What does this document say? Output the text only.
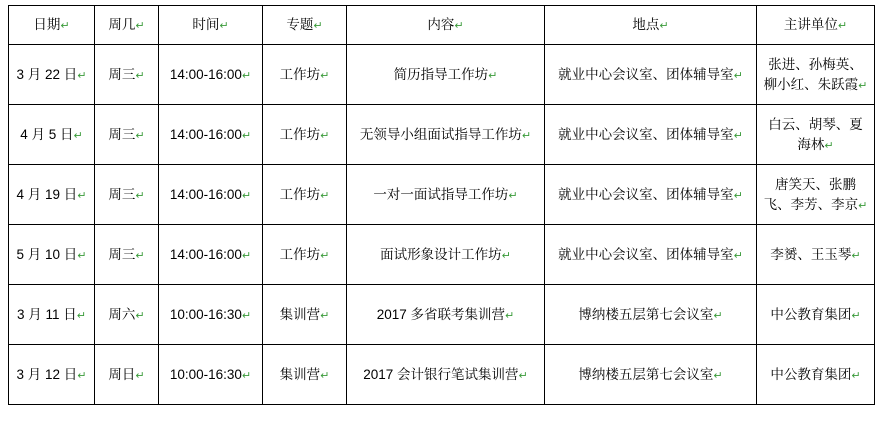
日期↵	周几↵	时间↵	专题↵	内容↵	地点↵	主讲单位↵
3 月 22 日↵	周三↵	14:00-16:00↵	工作坊↵	简历指导工作坊↵	就业中心会议室、团体辅导室↵	张进、孙梅英、柳小红、朱跃霞↵
4 月 5 日↵	周三↵	14:00-16:00↵	工作坊↵	无领导小组面试指导工作坊↵	就业中心会议室、团体辅导室↵	白云、胡琴、夏海林↵
4 月 19 日↵	周三↵	14:00-16:00↵	工作坊↵	一对一面试指导工作坊↵	就业中心会议室、团体辅导室↵	唐笑天、张鹏飞、李芳、李京↵
5 月 10 日↵	周三↵	14:00-16:00↵	工作坊↵	面试形象设计工作坊↵	就业中心会议室、团体辅导室↵	李赟、王玉琴↵
3 月 11 日↵	周六↵	10:00-16:30↵	集训营↵	2017 多省联考集训营↵	博纳楼五层第七会议室↵	中公教育集团↵
3 月 12 日↵	周日↵	10:00-16:30↵	集训营↵	2017 会计银行笔试集训营↵	博纳楼五层第七会议室↵	中公教育集团↵
